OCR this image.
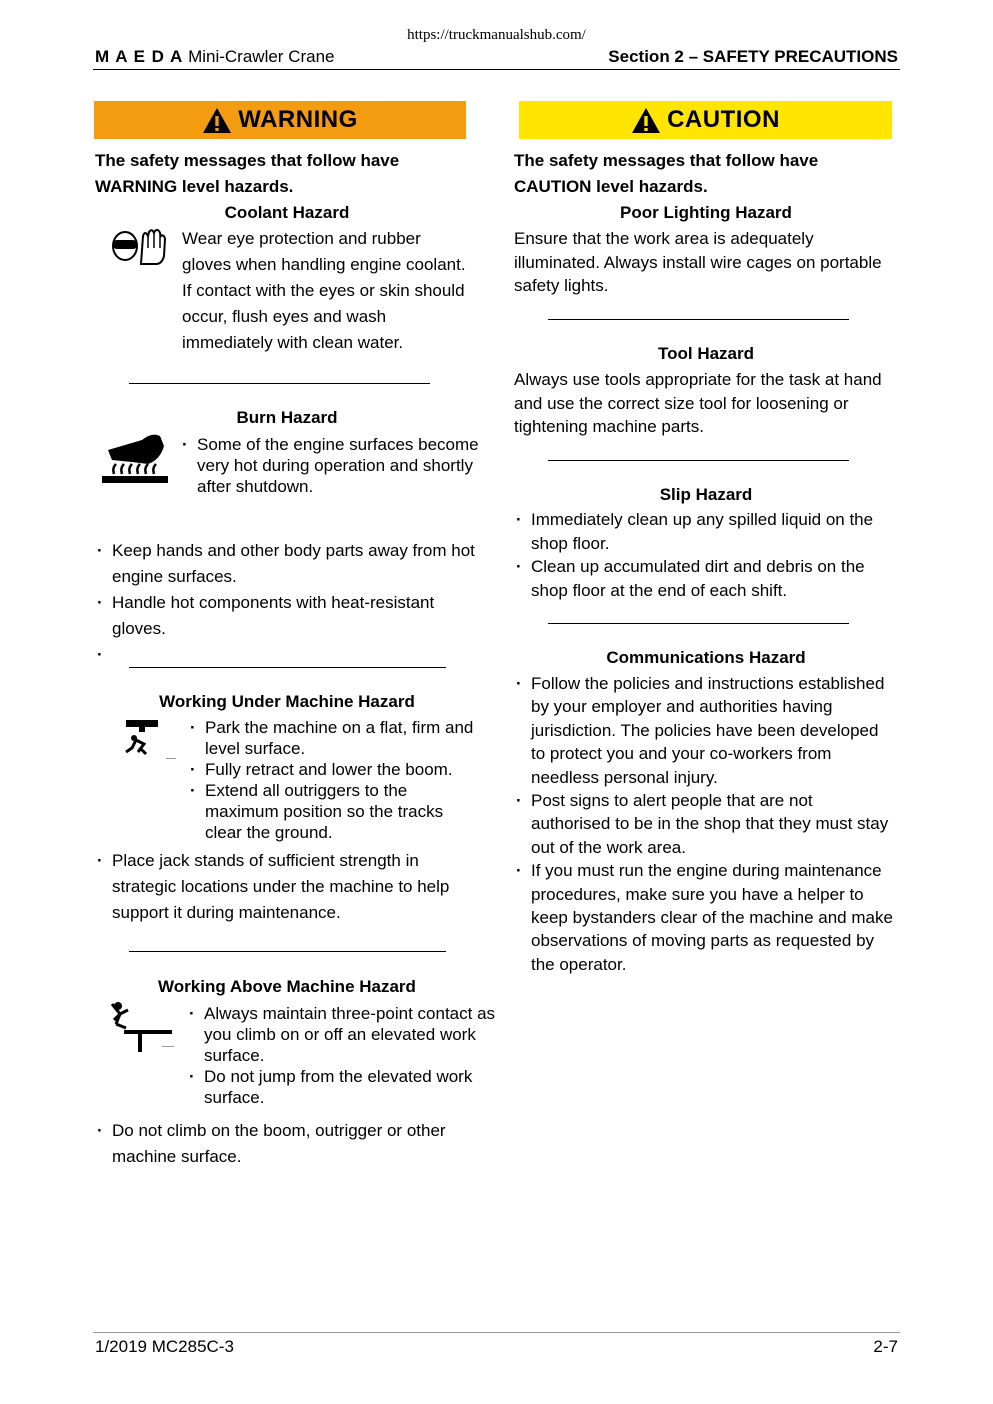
https://truckmanualshub.com/
M A E D A Mini-Crawler Crane	Section 2 – SAFETY PRECAUTIONS
WARNING
The safety messages that follow have
WARNING level hazards.
Coolant Hazard
Wear eye protection and rubber
gloves when handling engine coolant.
If contact with the eyes or skin should
occur, flush eyes and wash
immediately with clean water.
Burn Hazard
· Some of the engine surfaces become
very hot during operation and shortly
after shutdown.
· Keep hands and other body parts away from hot
engine surfaces.
· Handle hot components with heat-resistant
gloves.
·
Working Under Machine Hazard
· Park the machine on a flat, firm and
level surface.
· Fully retract and lower the boom.
· Extend all outriggers to the
maximum position so the tracks
clear the ground.
· Place jack stands of sufficient strength in
strategic locations under the machine to help
support it during maintenance.
Working Above Machine Hazard
· Always maintain three-point contact as
you climb on or off an elevated work
surface.
· Do not jump from the elevated work
surface.
· Do not climb on the boom, outrigger or other
machine surface.
CAUTION
The safety messages that follow have
CAUTION level hazards.
Poor Lighting Hazard
Ensure that the work area is adequately
illuminated. Always install wire cages on portable
safety lights.
Tool Hazard
Always use tools appropriate for the task at hand
and use the correct size tool for loosening or
tightening machine parts.
Slip Hazard
· Immediately clean up any spilled liquid on the
shop floor.
· Clean up accumulated dirt and debris on the
shop floor at the end of each shift.
Communications Hazard
· Follow the policies and instructions established
by your employer and authorities having
jurisdiction. The policies have been developed
to protect you and your co-workers from
needless personal injury.
· Post signs to alert people that are not
authorised to be in the shop that they must stay
out of the work area.
· If you must run the engine during maintenance
procedures, make sure you have a helper to
keep bystanders clear of the machine and make
observations of moving parts as requested by
the operator.
1/2019 MC285C-3	2-7
